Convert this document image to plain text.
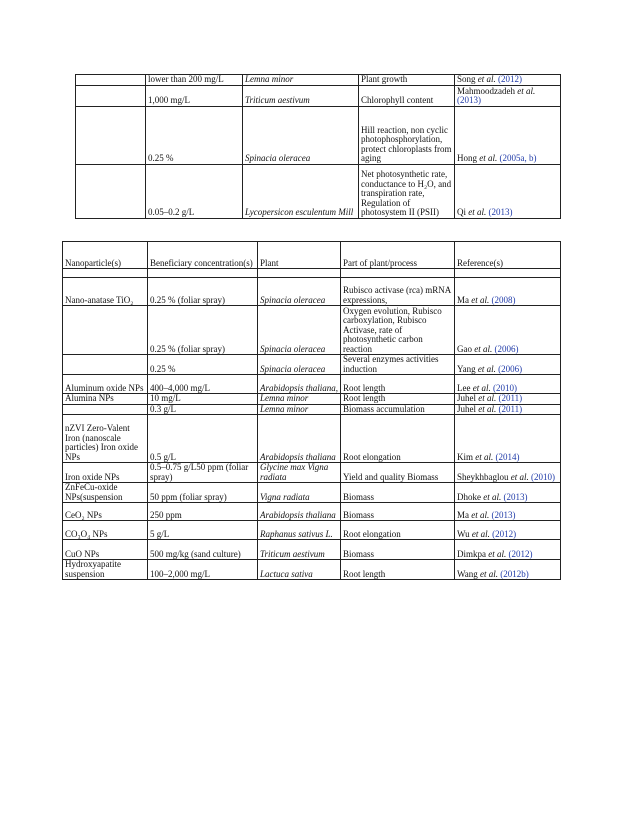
	lower than 200 mg/L	Lemna minor	Plant growth	Song et al. (2012)
	1,000 mg/L	Triticum aestivum	Chlorophyll content	Mahmoodzadeh et al. (2013)
	0.25 %	Spinacia oleracea	Hill reaction, non cyclic photophosphorylation, protect chloroplasts from aging	Hong et al. (2005a, b)
	0.05–0.2 g/L	Lycopersicon esculentum Mill	Net photosynthetic rate, conductance to H₂O, and transpiration rate, Regulation of photosystem II (PSII)	Qi et al. (2013)
Nanoparticle(s)	Beneficiary concentration(s)	Plant	Part of plant/process	Reference(s)

Nano-anatase TiO₂	0.25 % (foliar spray)	Spinacia oleracea	Rubisco activase (rca) mRNA expressions,	Ma et al. (2008)
	0.25 % (foliar spray)	Spinacia oleracea	Oxygen evolution, Rubisco carboxylation, Rubisco Activase, rate of photosynthetic carbon reaction	Gao et al. (2006)
	0.25 %	Spinacia oleracea	Several enzymes activities induction	Yang et al. (2006)
Aluminum oxide NPs	400–4,000 mg/L	Arabidopsis thaliana,	Root length	Lee et al. (2010)
Alumina NPs	10 mg/L	Lemna minor	Root length	Juhel et al. (2011)
	0.3 g/L	Lemna minor	Biomass accumulation	Juhel et al. (2011)
nZVI Zero-Valent Iron (nanoscale particles) Iron oxide NPs	0.5 g/L	Arabidopsis thaliana	Root elongation	Kim et al. (2014)
Iron oxide NPs	0.5–0.75 g/L50 ppm (foliar spray)	Glycine max Vigna radiata	Yield and quality Biomass	Sheykhbaglou et al. (2010)
ZnFeCu-oxide NPs(suspension	50 ppm (foliar spray)	Vigna radiata	Biomass	Dhoke et al. (2013)
CeO₂ NPs	250 ppm	Arabidopsis thaliana	Biomass	Ma et al. (2013)
CO₃O₄ NPs	5 g/L	Raphanus sativus L.	Root elongation	Wu et al. (2012)
CuO NPs	500 mg/kg (sand culture)	Triticum aestivum	Biomass	Dimkpa et al. (2012)
Hydroxyapatite suspension	100–2,000 mg/L	Lactuca sativa	Root length	Wang et al. (2012b)
